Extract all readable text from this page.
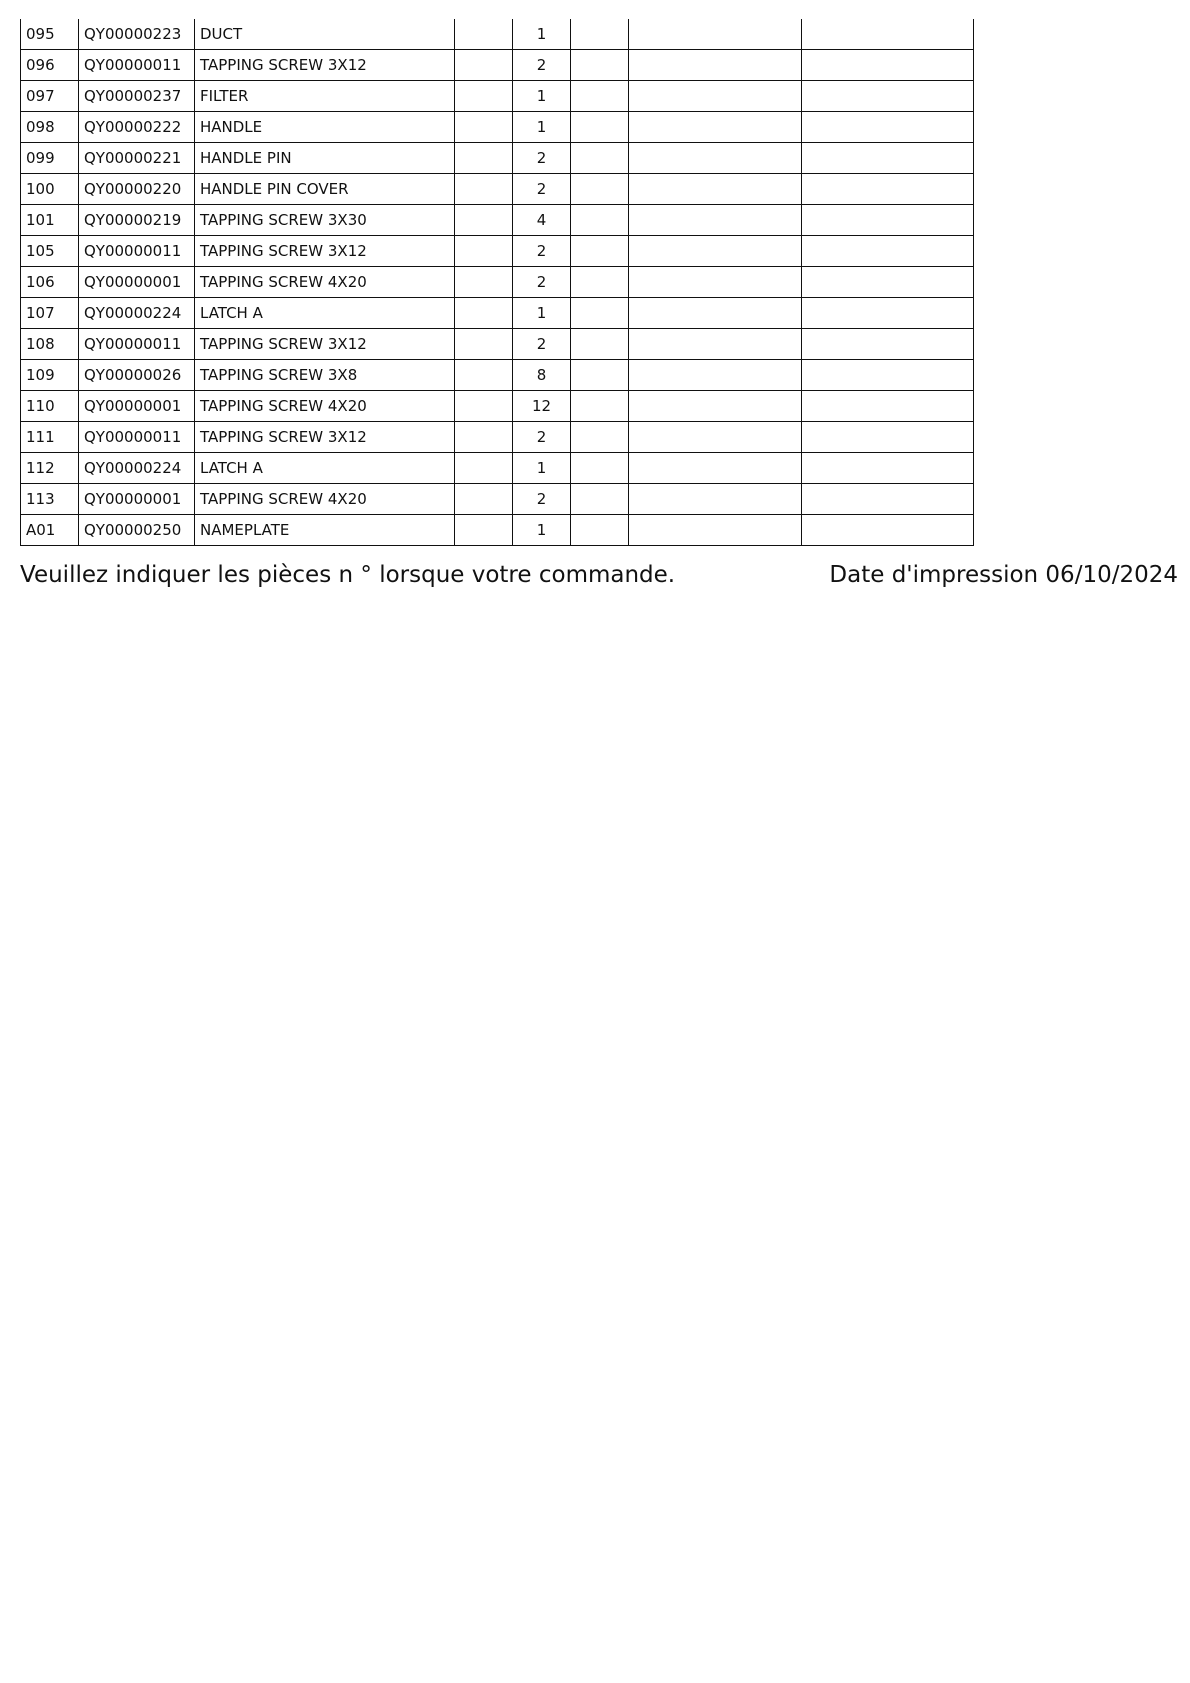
095	QY00000223	DUCT		1			
096	QY00000011	TAPPING SCREW 3X12		2			
097	QY00000237	FILTER		1			
098	QY00000222	HANDLE		1			
099	QY00000221	HANDLE PIN		2			
100	QY00000220	HANDLE PIN COVER		2			
101	QY00000219	TAPPING SCREW 3X30		4			
105	QY00000011	TAPPING SCREW 3X12		2			
106	QY00000001	TAPPING SCREW 4X20		2			
107	QY00000224	LATCH A		1			
108	QY00000011	TAPPING SCREW 3X12		2			
109	QY00000026	TAPPING SCREW 3X8		8			
110	QY00000001	TAPPING SCREW 4X20		12			
111	QY00000011	TAPPING SCREW 3X12		2			
112	QY00000224	LATCH A		1			
113	QY00000001	TAPPING SCREW 4X20		2			
A01	QY00000250	NAMEPLATE		1			
Veuillez indiquer les pièces n ° lorsque votre commande.	Date d'impression 06/10/2024
